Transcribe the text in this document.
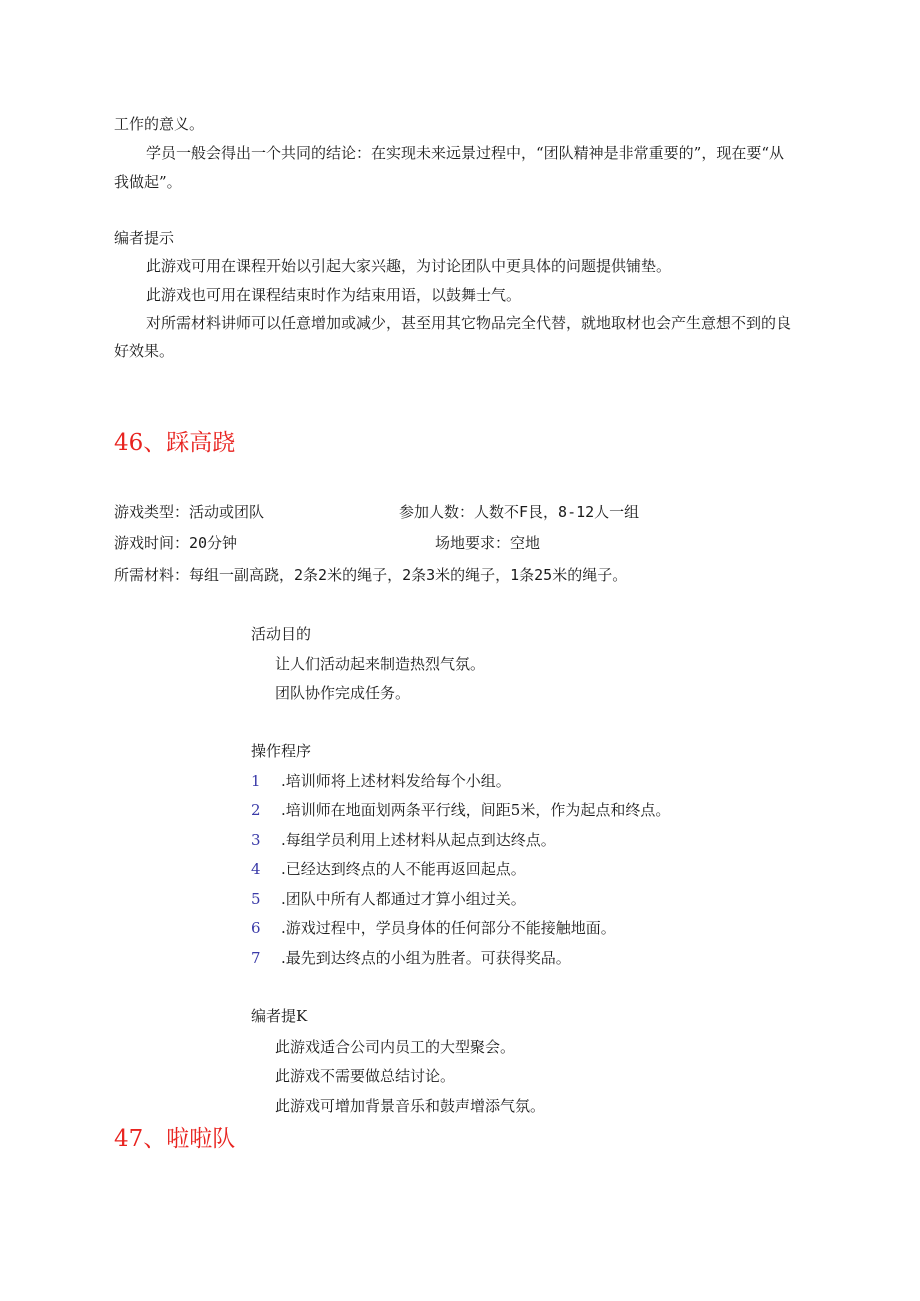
工作的意义。
学员一般会得出一个共同的结论：在实现未来远景过程中，“团队精神是非常重要的”，现在要“从
我做起”。
编者提示
此游戏可用在课程开始以引起大家兴趣，为讨论团队中更具体的问题提供铺垫。
此游戏也可用在课程结束时作为结束用语，以鼓舞士气。
对所需材料讲师可以任意增加或减少，甚至用其它物品完全代替，就地取材也会产生意想不到的良
好效果。
46、踩高跷
游戏类型：活动或团队	参加人数：人数不F艮，8-12人一组
游戏时间：20分钟	场地要求：空地
所需材料：每组一副高跷，2条2米的绳子，2条3米的绳子，1条25米的绳子。
活动目的
让人们活动起来制造热烈气氛。
团队协作完成任务。
操作程序
1 .培训师将上述材料发给每个小组。
2 .培训师在地面划两条平行线，间距5米，作为起点和终点。
3 .每组学员利用上述材料从起点到达终点。
4 .已经达到终点的人不能再返回起点。
5 .团队中所有人都通过才算小组过关。
6 .游戏过程中，学员身体的任何部分不能接触地面。
7 .最先到达终点的小组为胜者。可获得奖品。
编者提K
此游戏适合公司内员工的大型聚会。
此游戏不需要做总结讨论。
此游戏可增加背景音乐和鼓声增添气氛。
47、啦啦队
